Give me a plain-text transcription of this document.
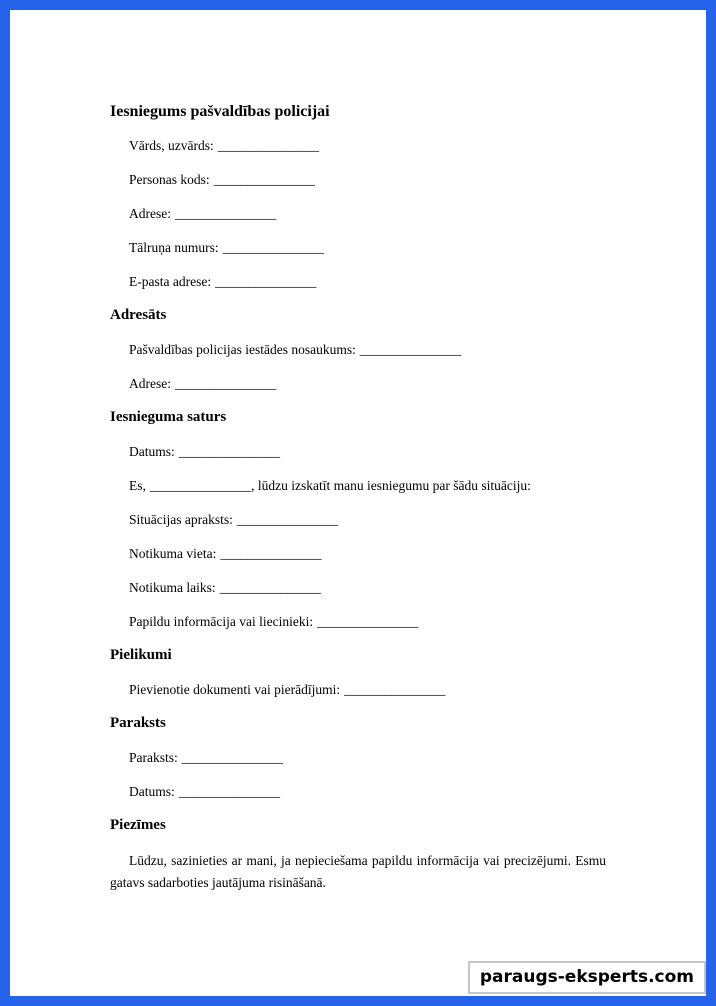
Iesniegums pašvaldības policijai

Vārds, uzvārds: _______________

Personas kods: _______________

Adrese: _______________

Tālruņa numurs: _______________

E-pasta adrese: _______________

Adresāts

Pašvaldības policijas iestādes nosaukums: _______________

Adrese: _______________

Iesnieguma saturs

Datums: _______________

Es, _______________, lūdzu izskatīt manu iesniegumu par šādu situāciju:

Situācijas apraksts: _______________

Notikuma vieta: _______________

Notikuma laiks: _______________

Papildu informācija vai liecinieki: _______________

Pielikumi

Pievienotie dokumenti vai pierādījumi: _______________

Paraksts

Paraksts: _______________

Datums: _______________

Piezīmes

Lūdzu, sazinieties ar mani, ja nepieciešama papildu informācija vai precizējumi. Esmu gatavs sadarboties jautājuma risināšanā.

paraugs-eksperts.com
